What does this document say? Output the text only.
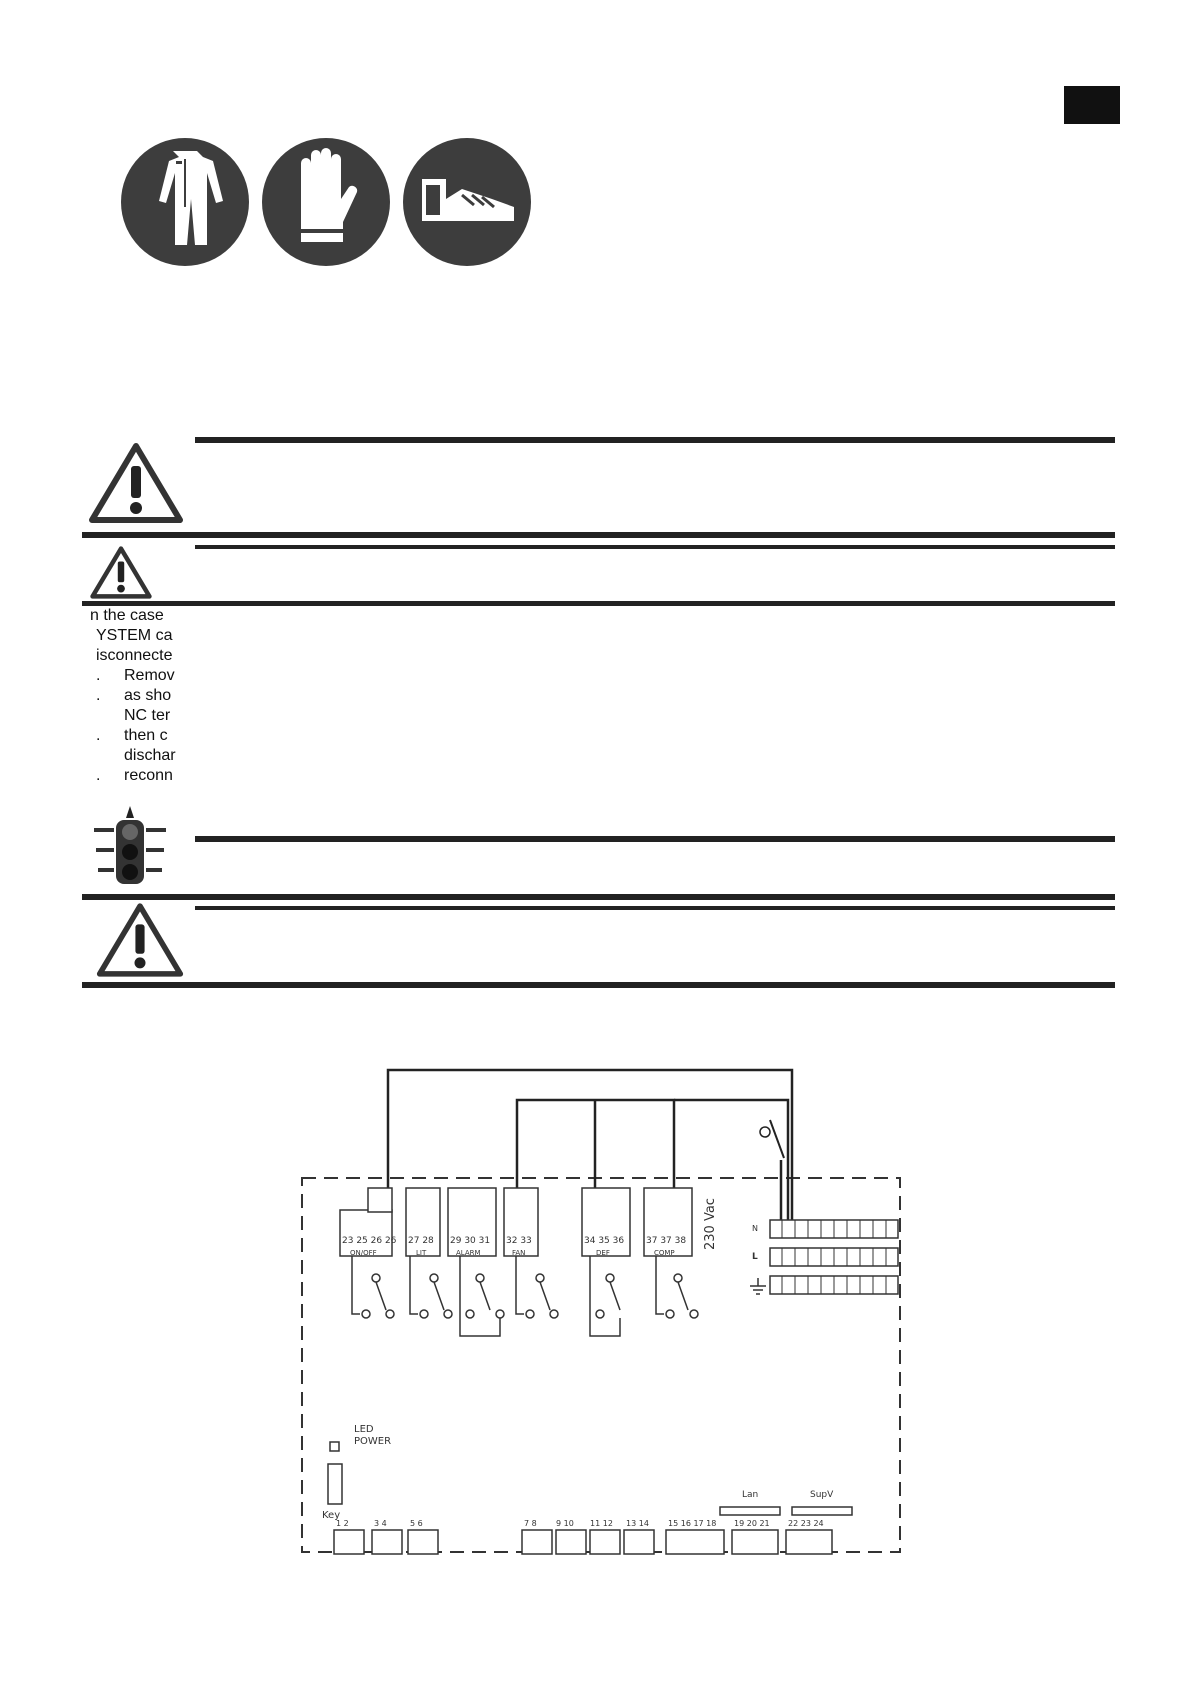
n the case
YSTEM ca
isconnecte
. Remov
. as sho
NC ter
. then c
dischar
. reconn
23 25 26 26
ON/OFF
27 28
LIT
29 30 31
ALARM
32 33
FAN
34 35 36
DEF
37 37 38
COMP
230 Vac	N
L
LED
POWER
Key
Lan	SupV
1 2	3 4	5 6	7 8 9 10 11 12 13 14 15 16 17 18 19 20 21 22 23 24
